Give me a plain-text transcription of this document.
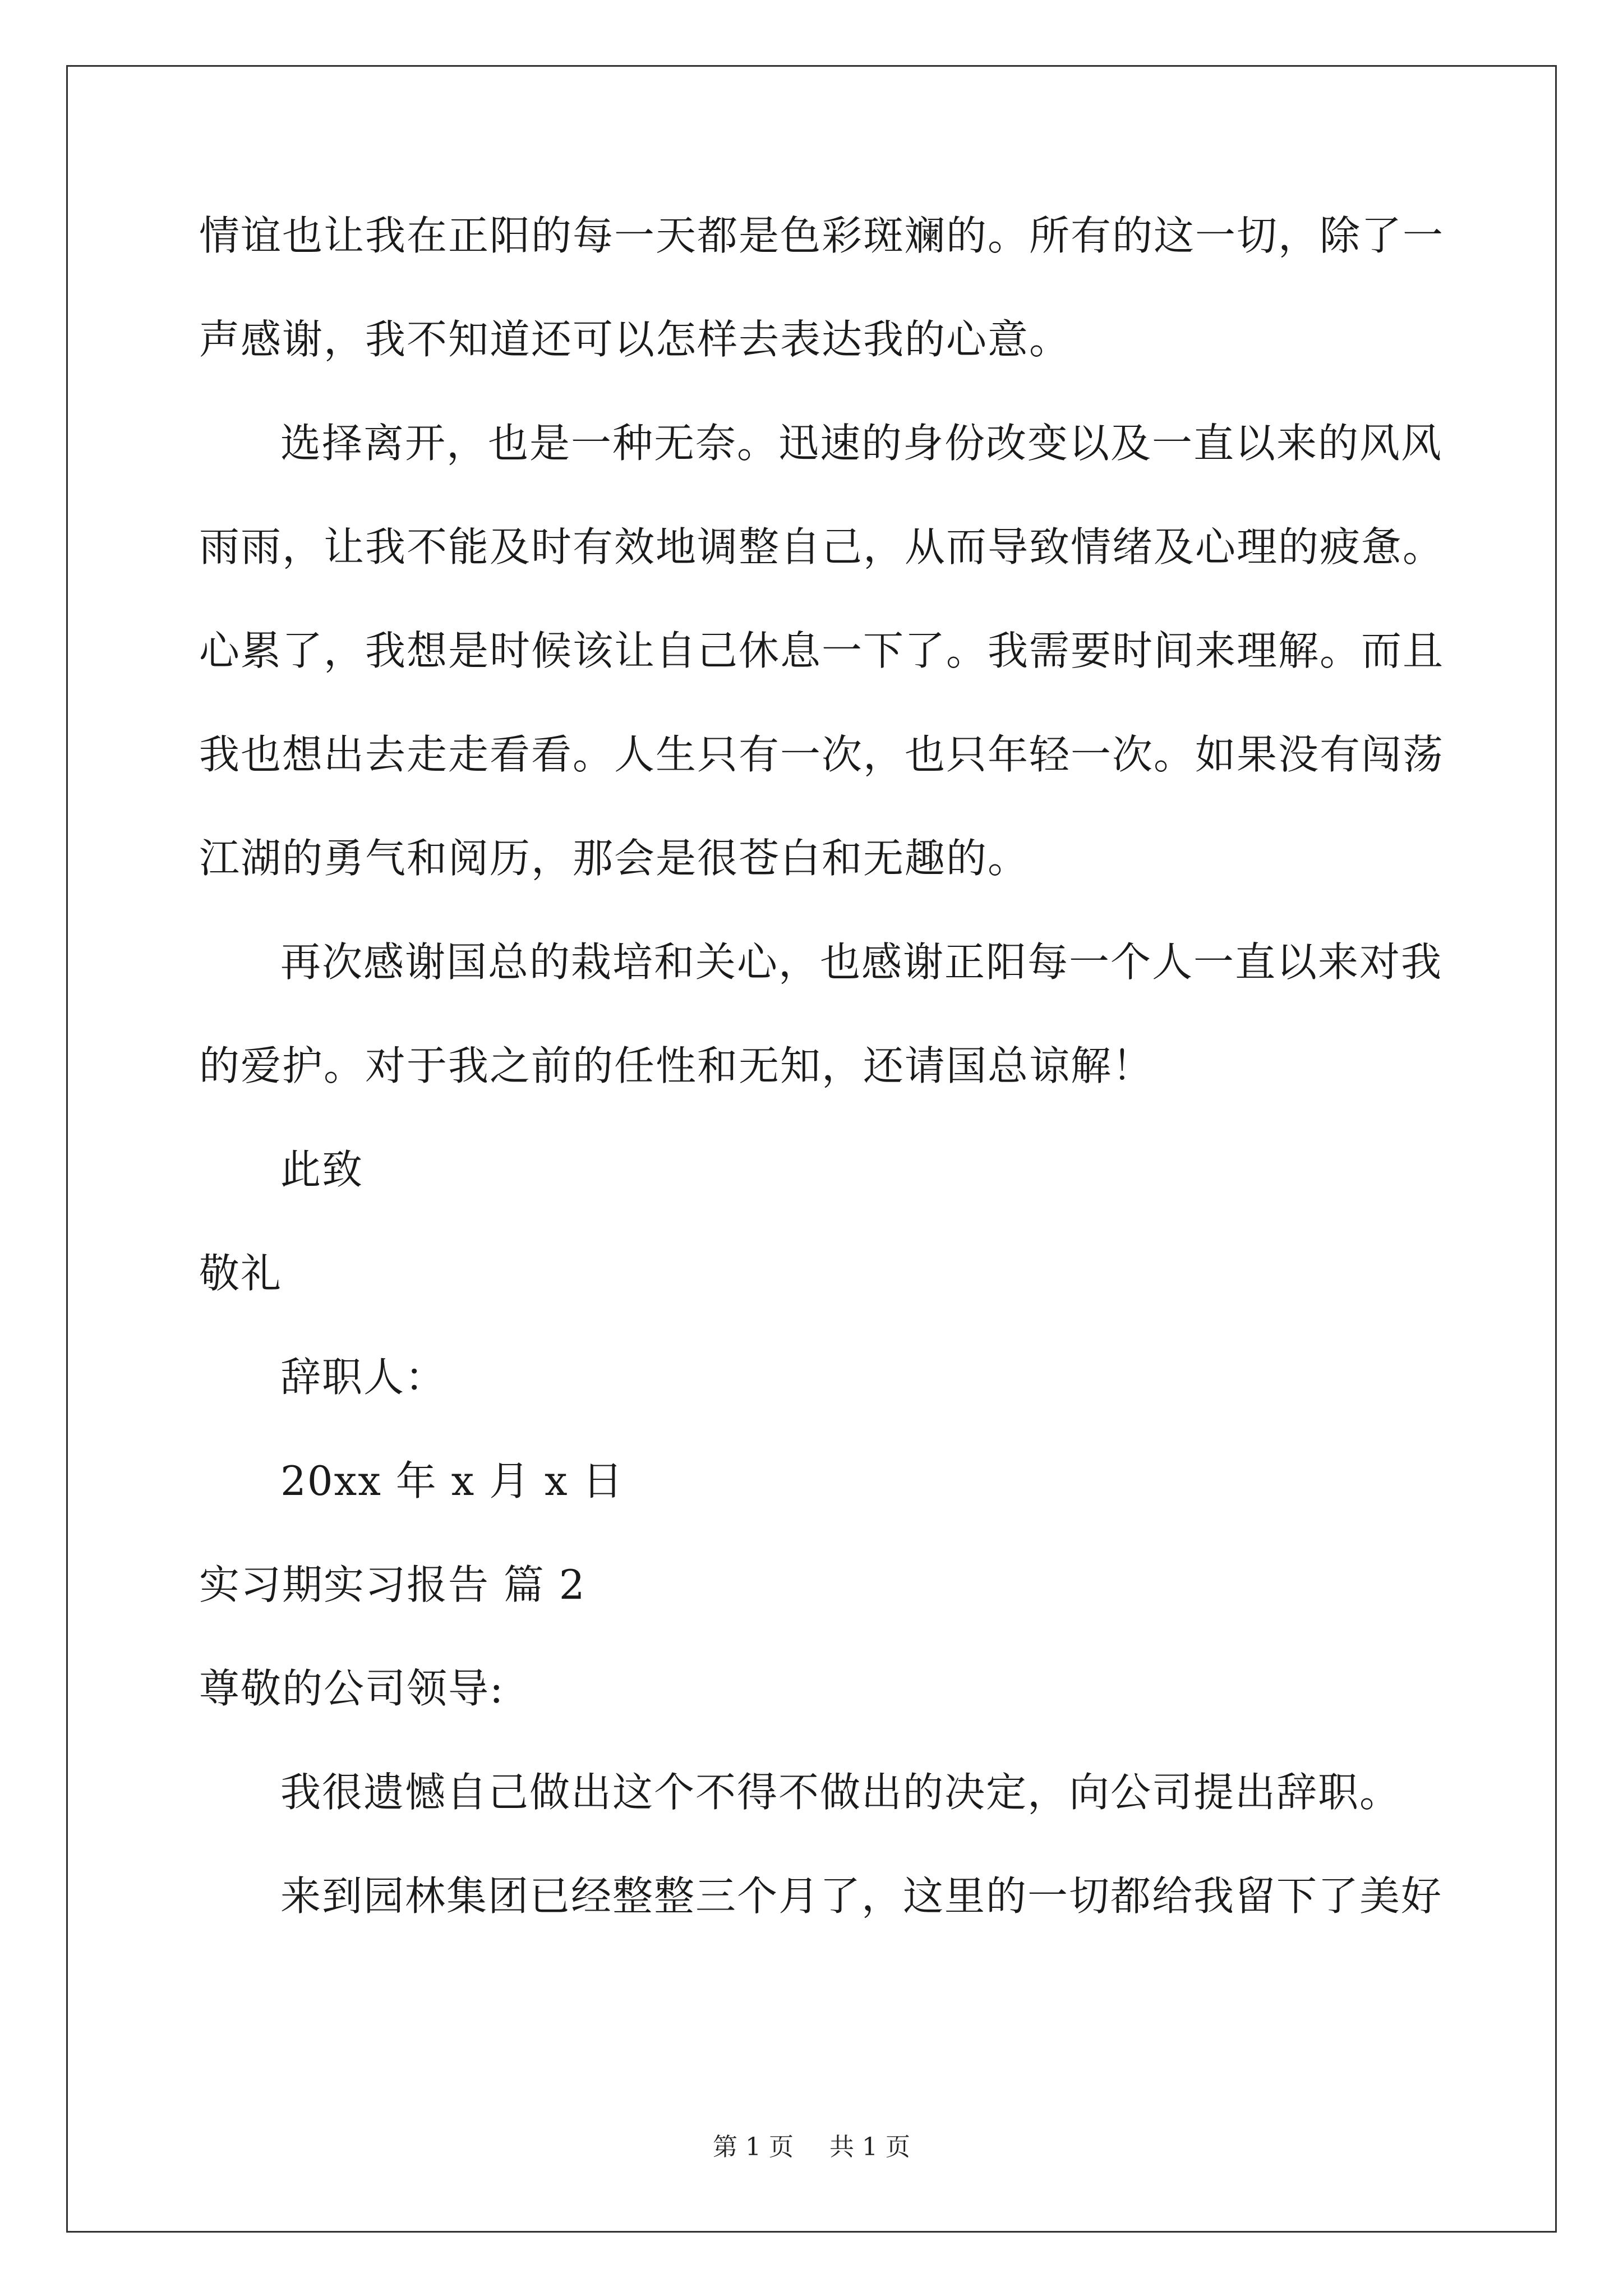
情谊也让我在正阳的每一天都是色彩斑斓的。所有的这一切，除了一
声感谢，我不知道还可以怎样去表达我的心意。
选择离开，也是一种无奈。迅速的身份改变以及一直以来的风风
雨雨，让我不能及时有效地调整自己，从而导致情绪及心理的疲惫。
心累了，我想是时候该让自己休息一下了。我需要时间来理解。而且
我也想出去走走看看。人生只有一次，也只年轻一次。如果没有闯荡
江湖的勇气和阅历，那会是很苍白和无趣的。
再次感谢国总的栽培和关心，也感谢正阳每一个人一直以来对我
的爱护。对于我之前的任性和无知，还请国总谅解！
此致
敬礼
辞职人：
20xx 年 x 月 x 日
实习期实习报告 篇 2
尊敬的公司领导:
我很遗憾自己做出这个不得不做出的决定，向公司提出辞职。
来到园林集团已经整整三个月了，这里的一切都给我留下了美好
第 1 页 共 1 页
